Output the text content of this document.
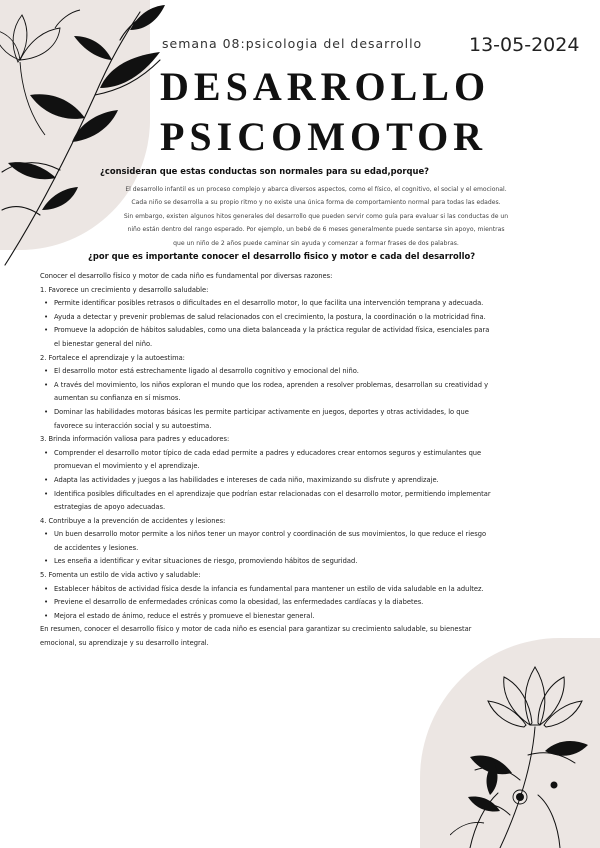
semana 08:psicologia del desarrollo 13-05-2024
DESARROLLO
PSICOMOTOR
¿consideran que estas conductas son normales para su edad,porque?
El desarrollo infantil es un proceso complejo y abarca diversos aspectos, como el físico, el cognitivo, el social y el emocional.
Cada niño se desarrolla a su propio ritmo y no existe una única forma de comportamiento normal para todas las edades.
Sin embargo, existen algunos hitos generales del desarrollo que pueden servir como guía para evaluar si las conductas de un
niño están dentro del rango esperado. Por ejemplo, un bebé de 6 meses generalmente puede sentarse sin apoyo, mientras
que un niño de 2 años puede caminar sin ayuda y comenzar a formar frases de dos palabras.
¿por que es importante conocer el desarrollo fisico y motor e cada del desarrollo?

Conocer el desarrollo físico y motor de cada niño es fundamental por diversas razones:

1. Favorece un crecimiento y desarrollo saludable:

• Permite identificar posibles retrasos o dificultades en el desarrollo motor, lo que facilita una intervención temprana y adecuada.
• Ayuda a detectar y prevenir problemas de salud relacionados con el crecimiento, la postura, la coordinación o la motricidad fina.
• Promueve la adopción de hábitos saludables, como una dieta balanceada y la práctica regular de actividad física, esenciales para
el bienestar general del niño.

2. Fortalece el aprendizaje y la autoestima:

• El desarrollo motor está estrechamente ligado al desarrollo cognitivo y emocional del niño.
• A través del movimiento, los niños exploran el mundo que los rodea, aprenden a resolver problemas, desarrollan su creatividad y
aumentan su confianza en sí mismos.
• Dominar las habilidades motoras básicas les permite participar activamente en juegos, deportes y otras actividades, lo que
favorece su interacción social y su autoestima.

3. Brinda información valiosa para padres y educadores:

• Comprender el desarrollo motor típico de cada edad permite a padres y educadores crear entornos seguros y estimulantes que
promuevan el movimiento y el aprendizaje.
• Adapta las actividades y juegos a las habilidades e intereses de cada niño, maximizando su disfrute y aprendizaje.
• Identifica posibles dificultades en el aprendizaje que podrían estar relacionadas con el desarrollo motor, permitiendo implementar
estrategias de apoyo adecuadas.

4. Contribuye a la prevención de accidentes y lesiones:

• Un buen desarrollo motor permite a los niños tener un mayor control y coordinación de sus movimientos, lo que reduce el riesgo
de accidentes y lesiones.
• Les enseña a identificar y evitar situaciones de riesgo, promoviendo hábitos de seguridad.

5. Fomenta un estilo de vida activo y saludable:

• Establecer hábitos de actividad física desde la infancia es fundamental para mantener un estilo de vida saludable en la adultez.
• Previene el desarrollo de enfermedades crónicas como la obesidad, las enfermedades cardíacas y la diabetes.
• Mejora el estado de ánimo, reduce el estrés y promueve el bienestar general.
En resumen, conocer el desarrollo físico y motor de cada niño es esencial para garantizar su crecimiento saludable, su bienestar
emocional, su aprendizaje y su desarrollo integral.
